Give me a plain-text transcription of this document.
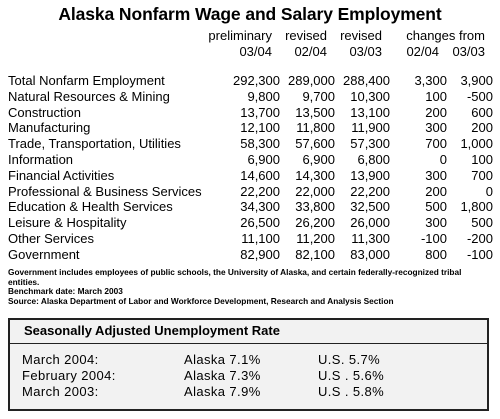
Alaska Nonfarm Wage and Salary Employment
preliminary revised revised changes from
03/04 02/04 03/03 02/04 03/03
Total Nonfarm Employment	292,300 289,000 288,400 3,300 3,900
Natural Resources & Mining	9,800 9,700 10,300	100 -500
Construction	13,700 13,500 13,100	200 600
Manufacturing	12,100 11,800 11,900	300 200
Trade, Transportation, Utilities	58,300 57,600 57,300	700 1,000
Information	6,900 6,900 6,800	0 100
Financial Activities	14,600 14,300 13,900	300 700
Professional & Business Services	22,200 22,000 22,200	200	0
Education & Health Services	34,300 33,800 32,500	500 1,800
Leisure & Hospitality	26,500 26,200 26,000	300 500
Other Services	11,100 11,200 11,300 -100 -200
Government	82,900 82,100 83,000	800 -100
Government includes employees of public schools, the University of Alaska, and certain federally-recognized tribal entities.
Benchmark date: March 2003
Source: Alaska Department of Labor and Workforce Development, Research and Analysis Section
Seasonally Adjusted Unemployment Rate
March 2004:	Alaska 7.1%	U.S. 5.7%
February 2004:	Alaska 7.3%	U.S . 5.6%
March 2003:	Alaska 7.9%	U.S . 5.8%
